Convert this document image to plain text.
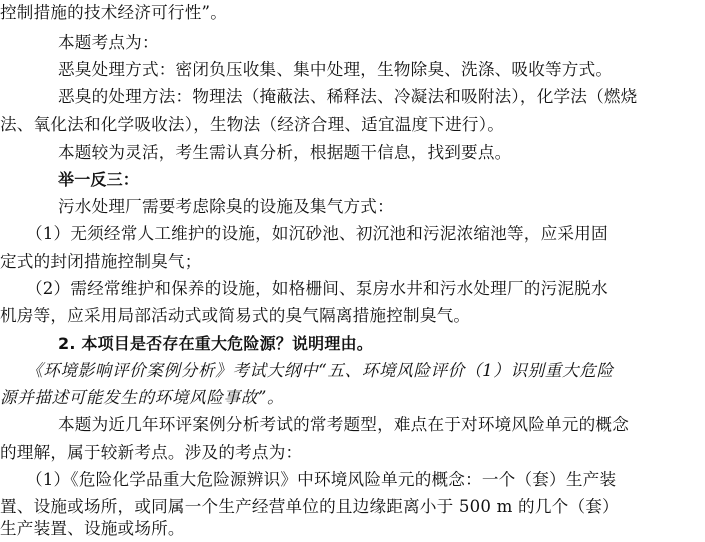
控制措施的技术经济可行性”。
本题考点为：
恶臭处理方式：密闭负压收集、集中处理，生物除臭、洗涤、吸收等方式。
恶臭的处理方法：物理法（掩蔽法、稀释法、冷凝法和吸附法），化学法（燃烧
法、氧化法和化学吸收法），生物法（经济合理、适宜温度下进行）。
本题较为灵活，考生需认真分析，根据题干信息，找到要点。
举一反三：
污水处理厂需要考虑除臭的设施及集气方式：
（1）无须经常人工维护的设施，如沉砂池、初沉池和污泥浓缩池等，应采用固
定式的封闭措施控制臭气；
（2）需经常维护和保养的设施，如格栅间、泵房水井和污水处理厂的污泥脱水
机房等，应采用局部活动式或简易式的臭气隔离措施控制臭气。
2. 本项目是否存在重大危险源？说明理由。
《环境影响评价案例分析》考试大纲中“五、环境风险评价（1）识别重大危险
源并描述可能发生的环境风险事故”。
本题为近几年环评案例分析考试的常考题型，难点在于对环境风险单元的概念
的理解，属于较新考点。涉及的考点为：
（1）《危险化学品重大危险源辨识》中环境风险单元的概念：一个（套）生产装
置、设施或场所，或同属一个生产经营单位的且边缘距离小于 500 m 的几个（套）
生产装置、设施或场所。
